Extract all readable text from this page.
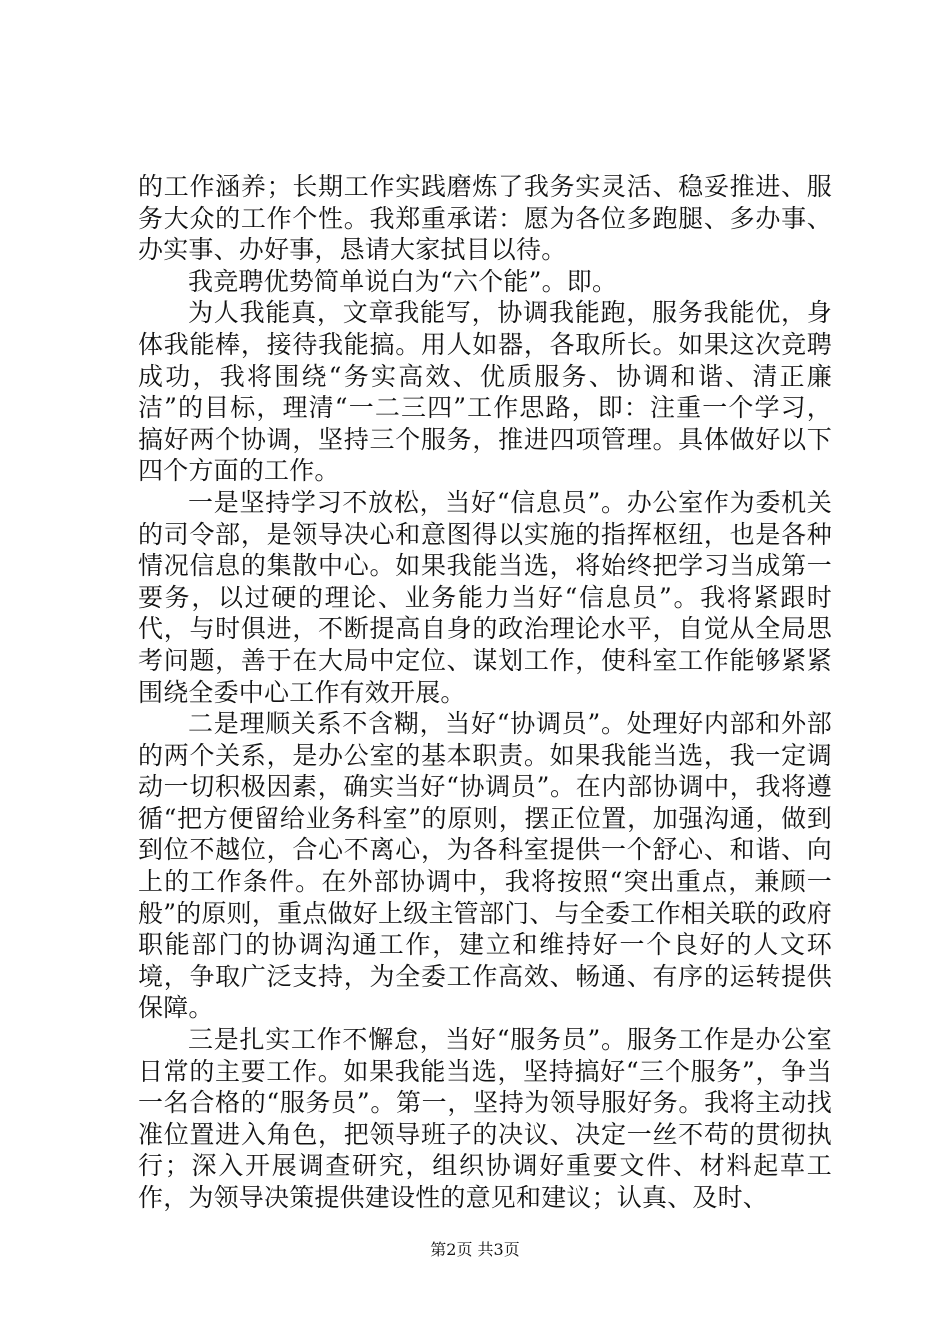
的工作涵养；长期工作实践磨炼了我务实灵活、稳妥推进、服务大众的工作个性。我郑重承诺：愿为各位多跑腿、多办事、办实事、办好事，恳请大家拭目以待。

我竞聘优势简单说白为“六个能”。即。

为人我能真，文章我能写，协调我能跑，服务我能优，身体我能棒，接待我能搞。用人如器，各取所长。如果这次竞聘成功，我将围绕“务实高效、优质服务、协调和谐、清正廉洁”的目标，理清“一二三四”工作思路，即：注重一个学习，搞好两个协调，坚持三个服务，推进四项管理。具体做好以下四个方面的工作。

一是坚持学习不放松，当好“信息员”。办公室作为委机关的司令部，是领导决心和意图得以实施的指挥枢纽，也是各种情况信息的集散中心。如果我能当选，将始终把学习当成第一要务，以过硬的理论、业务能力当好“信息员”。我将紧跟时代，与时俱进，不断提高自身的政治理论水平，自觉从全局思考问题，善于在大局中定位、谋划工作，使科室工作能够紧紧围绕全委中心工作有效开展。

二是理顺关系不含糊，当好“协调员”。处理好内部和外部的两个关系，是办公室的基本职责。如果我能当选，我一定调动一切积极因素，确实当好“协调员”。在内部协调中，我将遵循“把方便留给业务科室”的原则，摆正位置，加强沟通，做到到位不越位，合心不离心，为各科室提供一个舒心、和谐、向上的工作条件。在外部协调中，我将按照“突出重点，兼顾一般”的原则，重点做好上级主管部门、与全委工作相关联的政府职能部门的协调沟通工作，建立和维持好一个良好的人文环境，争取广泛支持，为全委工作高效、畅通、有序的运转提供保障。

三是扎实工作不懈怠，当好“服务员”。服务工作是办公室日常的主要工作。如果我能当选，坚持搞好“三个服务”，争当一名合格的“服务员”。第一，坚持为领导服好务。我将主动找准位置进入角色，把领导班子的决议、决定一丝不苟的贯彻执行；深入开展调查研究，组织协调好重要文件、材料起草工作，为领导决策提供建设性的意见和建议；认真、及时、

第2页 共3页
